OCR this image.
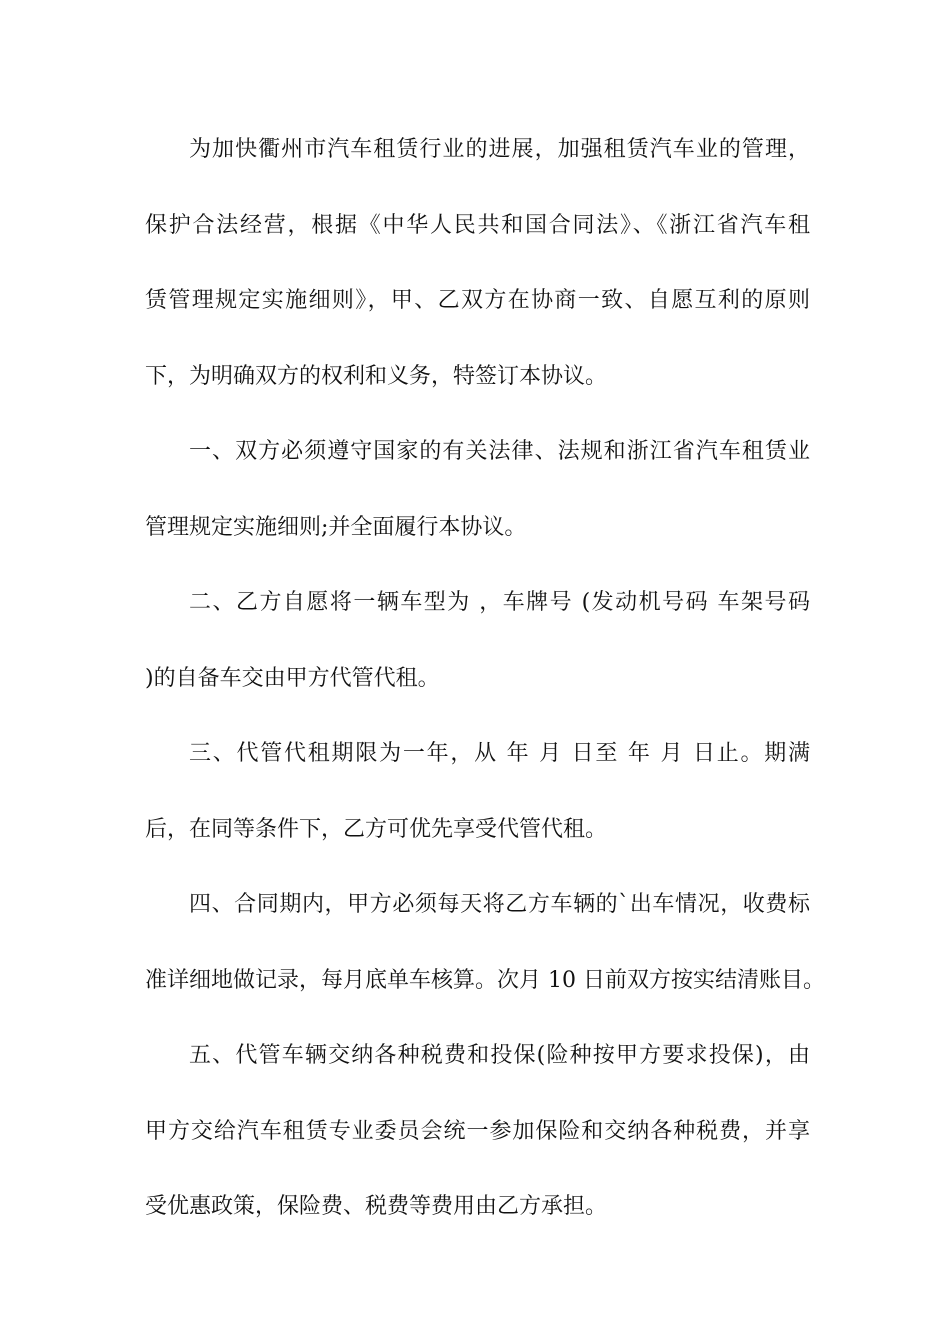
为加快衢州市汽车租赁行业的进展，加强租赁汽车业的管理，
保护合法经营，根据《中华人民共和国合同法》、《浙江省汽车租
赁管理规定实施细则》，甲、乙双方在协商一致、自愿互利的原则
下，为明确双方的权利和义务，特签订本协议。
一、双方必须遵守国家的有关法律、法规和浙江省汽车租赁业
管理规定实施细则;并全面履行本协议。
二、乙方自愿将一辆车型为 ，车牌号 (发动机号码 车架号码
)的自备车交由甲方代管代租。
三、代管代租期限为一年，从 年 月 日至 年 月 日止。期满
后，在同等条件下，乙方可优先享受代管代租。
四、合同期内，甲方必须每天将乙方车辆的`出车情况，收费标
准详细地做记录，每月底单车核算。次月 10 日前双方按实结清账目。
五、代管车辆交纳各种税费和投保(险种按甲方要求投保)，由
甲方交给汽车租赁专业委员会统一参加保险和交纳各种税费，并享
受优惠政策，保险费、税费等费用由乙方承担。
